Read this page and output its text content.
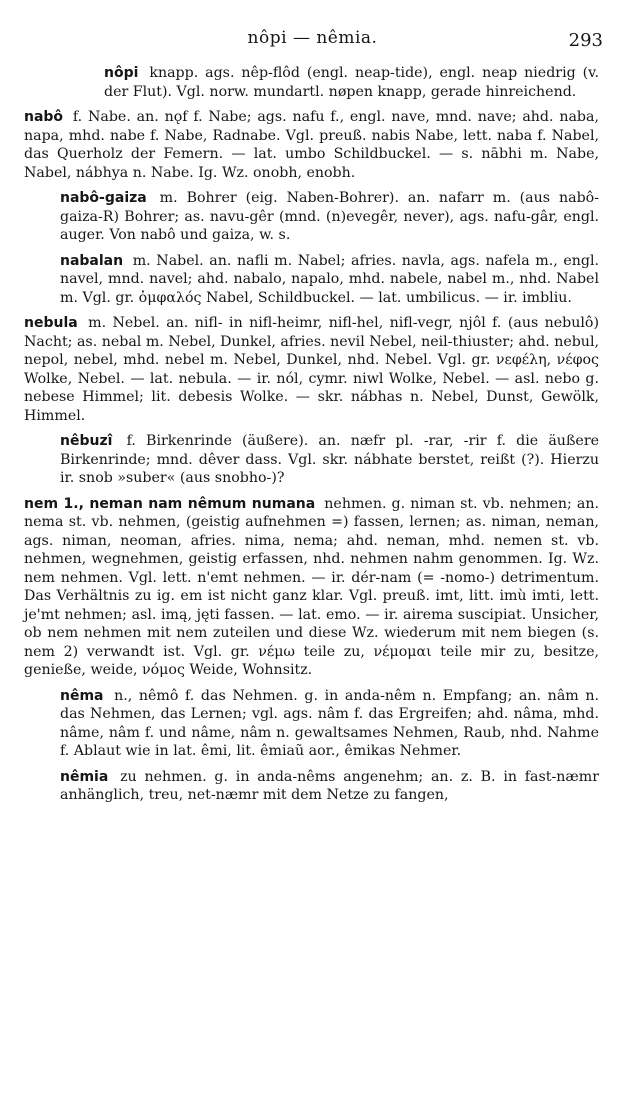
nôpi — nêmia.	293

nôpi knapp. ags. nêp-flôd (engl. neap-tide), engl. neap niedrig (v. der Flut). Vgl. norw. mundartl. nøpen knapp, gerade hinreichend.

nabô f. Nabe. an. nǫf f. Nabe; ags. nafu f., engl. nave, mnd. nave; ahd. naba, napa, mhd. nabe f. Nabe, Radnabe. Vgl. preuß. nabis Nabe, lett. naba f. Nabel, das Querholz der Femern. — lat. umbo Schildbuckel. — s. nābhi m. Nabe, Nabel, nábhya n. Nabe. Ig. Wz. onobh, enobh.

nabô-gaiza m. Bohrer (eig. Naben-Bohrer). an. nafarr m. (aus nabô-gaiza-R) Bohrer; as. navu-gêr (mnd. (n)evegêr, never), ags. nafu-gâr, engl. auger. Von nabô und gaiza, w. s.

nabalan m. Nabel. an. nafli m. Nabel; afries. navla, ags. nafela m., engl. navel, mnd. navel; ahd. nabalo, napalo, mhd. nabele, nabel m., nhd. Nabel m. Vgl. gr. ὀμφαλός Nabel, Schildbuckel. — lat. umbilicus. — ir. imbliu.

nebula m. Nebel. an. nifl- in nifl-heimr, nifl-hel, nifl-vegr, njôl f. (aus nebulô) Nacht; as. nebal m. Nebel, Dunkel, afries. nevil Nebel, neil-thiuster; ahd. nebul, nepol, nebel, mhd. nebel m. Nebel, Dunkel, nhd. Nebel. Vgl. gr. νεφέλη, νέφος Wolke, Nebel. — lat. nebula. — ir. nól, cymr. niwl Wolke, Nebel. — asl. nebo g. nebese Himmel; lit. debesis Wolke. — skr. nábhas n. Nebel, Dunst, Gewölk, Himmel.

nêbuzî f. Birkenrinde (äußere). an. næfr pl. -rar, -rir f. die äußere Birkenrinde; mnd. dêver dass. Vgl. skr. nábhate berstet, reißt (?). Hierzu ir. snob »suber« (aus snobho-)?

nem 1., neman nam nêmum numana nehmen. g. niman st. vb. nehmen; an. nema st. vb. nehmen, (geistig aufnehmen =) fassen, lernen; as. niman, neman, ags. niman, neoman, afries. nima, nema; ahd. neman, mhd. nemen st. vb. nehmen, wegnehmen, geistig erfassen, nhd. nehmen nahm genommen. Ig. Wz. nem nehmen. Vgl. lett. n'emt nehmen. — ir. dér-nam (= -nomo-) detrimentum. Das Verhältnis zu ig. em ist nicht ganz klar. Vgl. preuß. imt, litt. imù imti, lett. je'mt nehmen; asl. imą, jęti fassen. — lat. emo. — ir. airema suscipiat. Unsicher, ob nem nehmen mit nem zuteilen und diese Wz. wiederum mit nem biegen (s. nem 2) verwandt ist. Vgl. gr. νέμω teile zu, νέμομαι teile mir zu, besitze, genieße, weide, νόμος Weide, Wohnsitz.

nêma n., nêmô f. das Nehmen. g. in anda-nêm n. Empfang; an. nâm n. das Nehmen, das Lernen; vgl. ags. nâm f. das Ergreifen; ahd. nâma, mhd. nâme, nâm f. und nâme, nâm n. gewaltsames Nehmen, Raub, nhd. Nahme f. Ablaut wie in lat. êmi, lit. êmiaũ aor., êmikas Nehmer.

nêmia zu nehmen. g. in anda-nêms angenehm; an. z. B. in fast-næmr anhänglich, treu, net-næmr mit dem Netze zu fangen,
